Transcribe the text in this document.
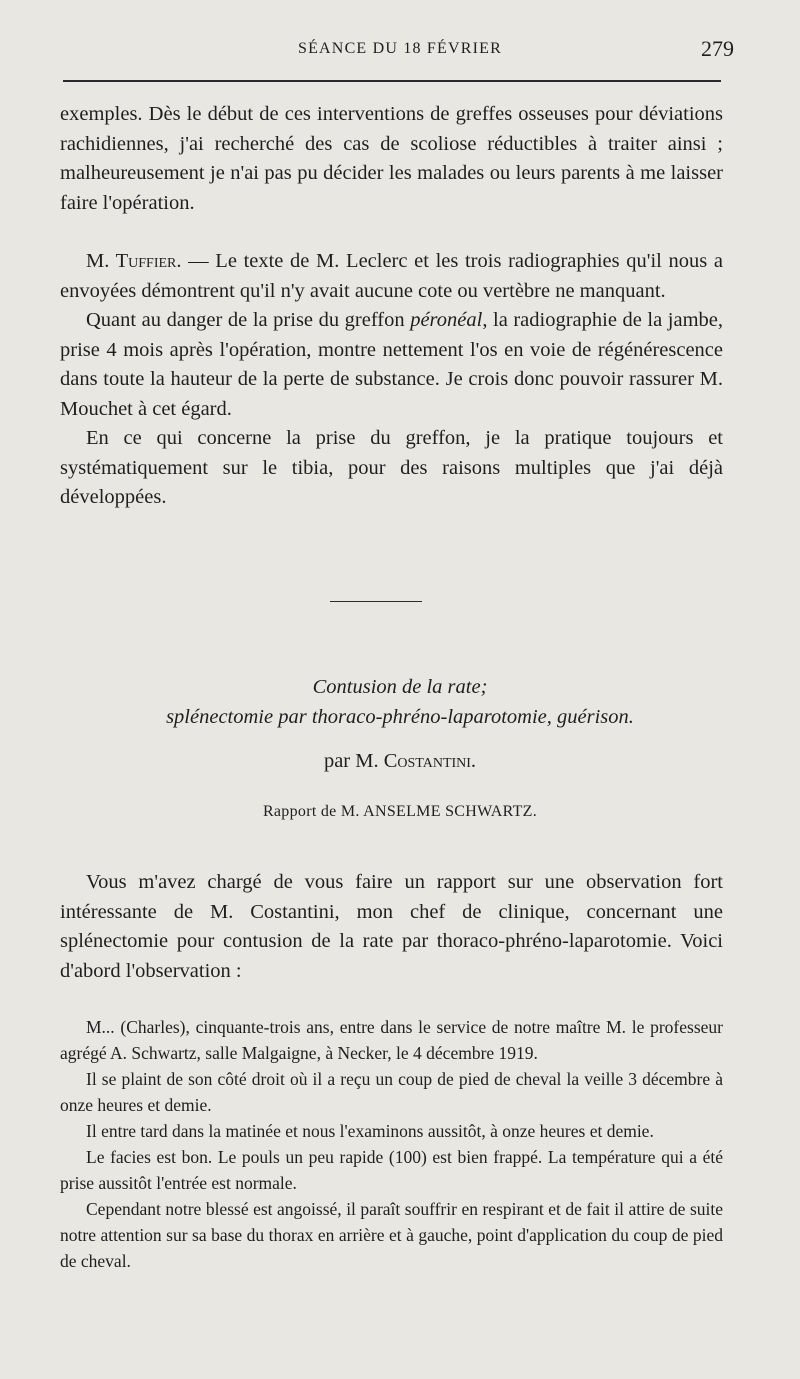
SÉANCE DU 18 FÉVRIER	279

exemples. Dès le début de ces interventions de greffes osseuses pour déviations rachidiennes, j'ai recherché des cas de scoliose réductibles à traiter ainsi ; malheureusement je n'ai pas pu décider les malades ou leurs parents à me laisser faire l'opération.

M. Tuffier. — Le texte de M. Leclerc et les trois radiographies qu'il nous a envoyées démontrent qu'il n'y avait aucune cote ou vertèbre ne manquant.

Quant au danger de la prise du greffon péronéal, la radiographie de la jambe, prise 4 mois après l'opération, montre nettement l'os en voie de régénérescence dans toute la hauteur de la perte de substance. Je crois donc pouvoir rassurer M. Mouchet à cet égard.

En ce qui concerne la prise du greffon, je la pratique toujours et systématiquement sur le tibia, pour des raisons multiples que j'ai déjà développées.

Contusion de la rate;

splénectomie par thoraco-phréno-laparotomie, guérison.

par M. Costantini.
Rapport de M. ANSELME SCHWARTZ.

Vous m'avez chargé de vous faire un rapport sur une observation fort intéressante de M. Costantini, mon chef de clinique, concernant une splénectomie pour contusion de la rate par thoraco-phréno-laparotomie. Voici d'abord l'observation :

M... (Charles), cinquante-trois ans, entre dans le service de notre maître M. le professeur agrégé A. Schwartz, salle Malgaigne, à Necker, le 4 décembre 1919.

Il se plaint de son côté droit où il a reçu un coup de pied de cheval la veille 3 décembre à onze heures et demie.

Il entre tard dans la matinée et nous l'examinons aussitôt, à onze heures et demie.

Le facies est bon. Le pouls un peu rapide (100) est bien frappé. La température qui a été prise aussitôt l'entrée est normale.

Cependant notre blessé est angoissé, il paraît souffrir en respirant et de fait il attire de suite notre attention sur sa base du thorax en arrière et à gauche, point d'application du coup de pied de cheval.
